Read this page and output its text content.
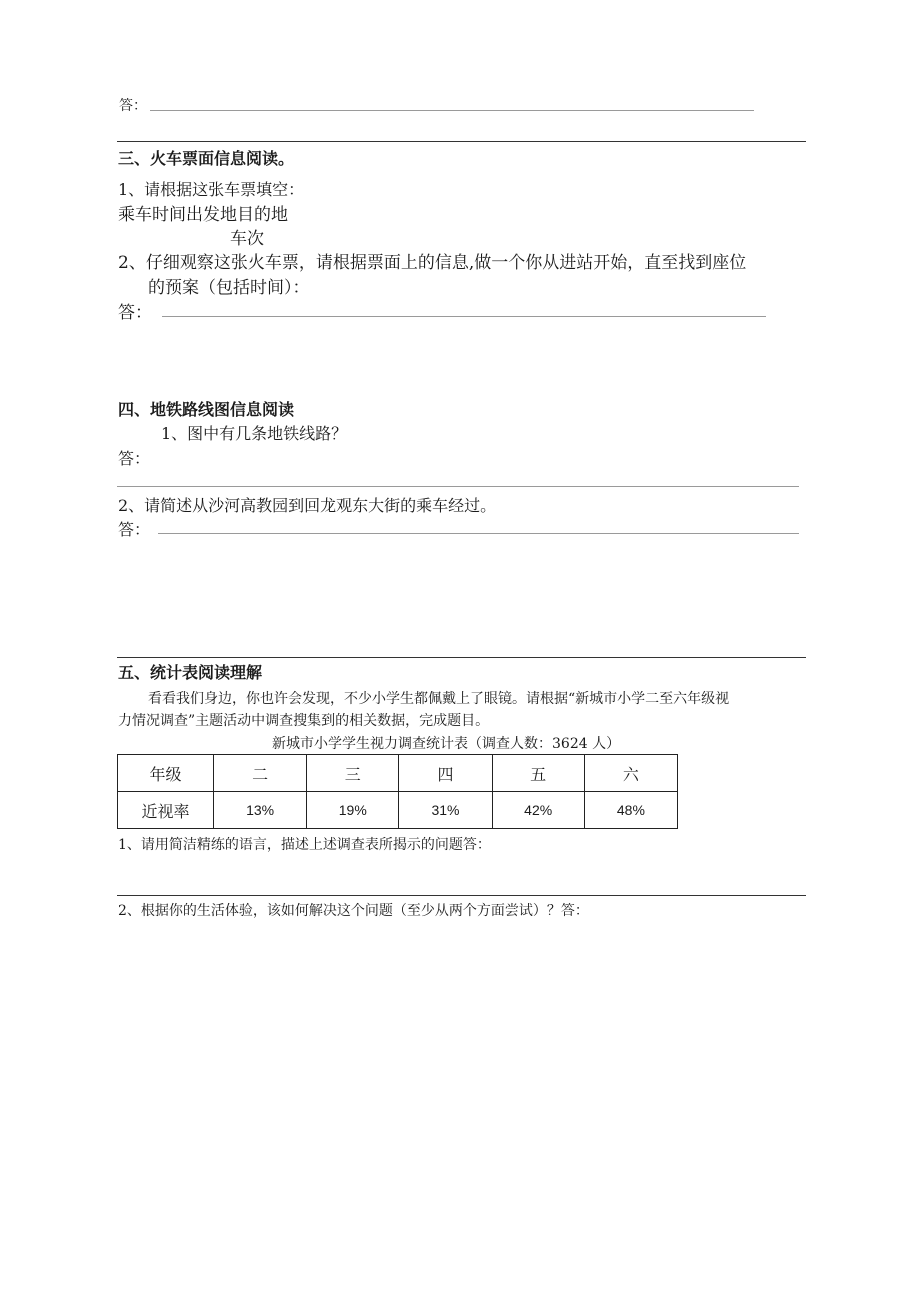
答：
三、火车票面信息阅读。
1、请根据这张车票填空：
乘车时间出发地目的地
车次
2、仔细观察这张火车票，请根据票面上的信息,做一个你从进站开始，直至找到座位
的预案（包括时间）：
答：
四、地铁路线图信息阅读
1、图中有几条地铁线路？
答：
2、请简述从沙河高教园到回龙观东大街的乘车经过。
答：
五、统计表阅读理解
看看我们身边，你也许会发现，不少小学生都佩戴上了眼镜。请根据“新城市小学二至六年级视
力情况调查”主题活动中调查搜集到的相关数据，完成题目。
新城市小学学生视力调查统计表（调查人数：3624 人）
年级	二	三	四	五	六
近视率	13%	19%	31%	42%	48%
1、请用简洁精练的语言，描述上述调查表所揭示的问题答：
2、根据你的生活体验，该如何解决这个问题（至少从两个方面尝试）？答：
